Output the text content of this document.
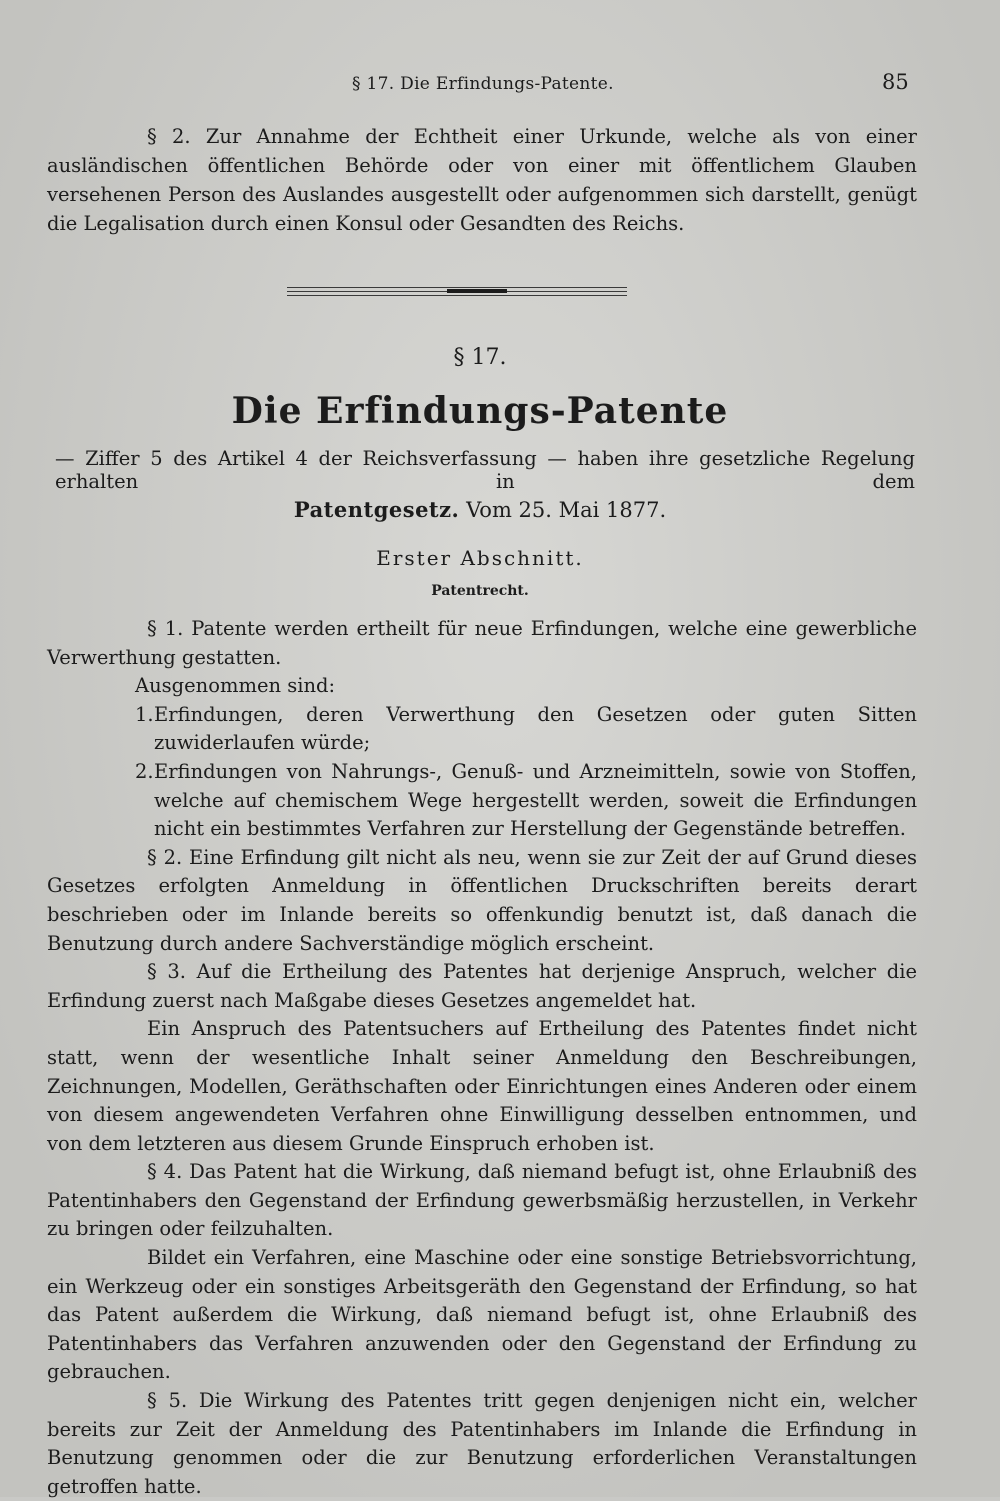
§ 17. Die Erfindungs-Patente.	85

§ 2. Zur Annahme der Echtheit einer Urkunde, welche als von einer ausländischen öffentlichen Behörde oder von einer mit öffentlichem Glauben versehenen Person des Auslandes ausgestellt oder aufgenommen sich darstellt, genügt die Legalisation durch einen Konsul oder Gesandten des Reichs.

§ 17.
Die Erfindungs-Patente
— Ziffer 5 des Artikel 4 der Reichsverfassung — haben ihre gesetzliche Regelung erhalten in dem
Patentgesetz. Vom 25. Mai 1877.
Erster Abschnitt.
Patentrecht.

§ 1. Patente werden ertheilt für neue Erfindungen, welche eine gewerbliche Verwerthung gestatten.

Ausgenommen sind:

1. Erfindungen, deren Verwerthung den Gesetzen oder guten Sitten zuwiderlaufen würde;
2. Erfindungen von Nahrungs-, Genuß- und Arzneimitteln, sowie von Stoffen, welche auf chemischem Wege hergestellt werden, soweit die Erfindungen nicht ein bestimmtes Verfahren zur Herstellung der Gegenstände betreffen.

§ 2. Eine Erfindung gilt nicht als neu, wenn sie zur Zeit der auf Grund dieses Gesetzes erfolgten Anmeldung in öffentlichen Druckschriften bereits derart beschrieben oder im Inlande bereits so offenkundig benutzt ist, daß danach die Benutzung durch andere Sachverständige möglich erscheint.

§ 3. Auf die Ertheilung des Patentes hat derjenige Anspruch, welcher die Erfindung zuerst nach Maßgabe dieses Gesetzes angemeldet hat.

Ein Anspruch des Patentsuchers auf Ertheilung des Patentes findet nicht statt, wenn der wesentliche Inhalt seiner Anmeldung den Beschreibungen, Zeichnungen, Modellen, Geräthschaften oder Einrichtungen eines Anderen oder einem von diesem angewendeten Verfahren ohne Einwilligung desselben entnommen, und von dem letzteren aus diesem Grunde Einspruch erhoben ist.

§ 4. Das Patent hat die Wirkung, daß niemand befugt ist, ohne Erlaubniß des Patentinhabers den Gegenstand der Erfindung gewerbsmäßig herzustellen, in Verkehr zu bringen oder feilzuhalten.

Bildet ein Verfahren, eine Maschine oder eine sonstige Betriebsvorrichtung, ein Werkzeug oder ein sonstiges Arbeitsgeräth den Gegenstand der Erfindung, so hat das Patent außerdem die Wirkung, daß niemand befugt ist, ohne Erlaubniß des Patentinhabers das Verfahren anzuwenden oder den Gegenstand der Erfindung zu gebrauchen.

§ 5. Die Wirkung des Patentes tritt gegen denjenigen nicht ein, welcher bereits zur Zeit der Anmeldung des Patentinhabers im Inlande die Erfindung in Benutzung genommen oder die zur Benutzung erforderlichen Veranstaltungen getroffen hatte.
